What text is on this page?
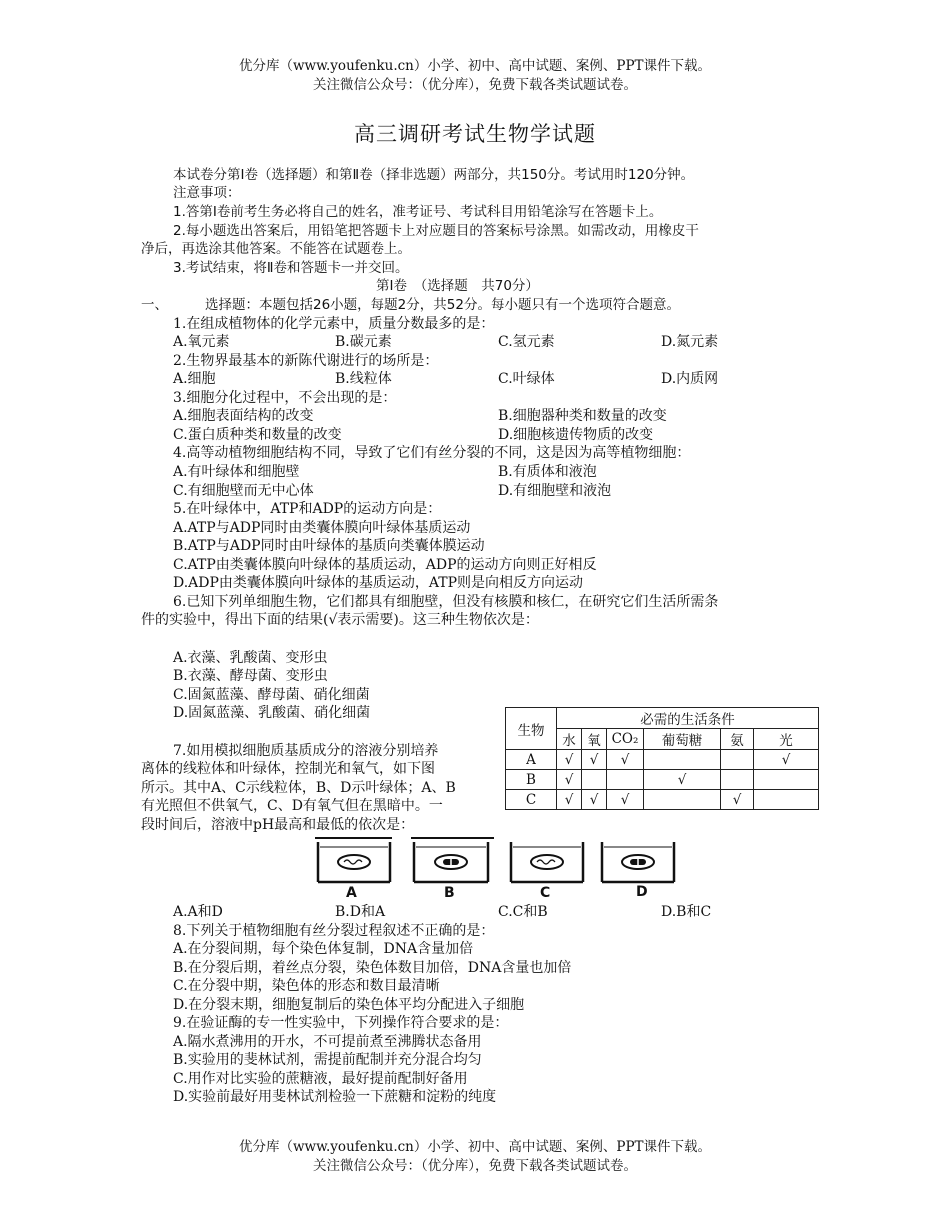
优分库（www.youfenku.cn）小学、初中、高中试题、案例、PPT课件下载。
关注微信公众号：（优分库），免费下载各类试题试卷。
高三调研考试生物学试题
本试卷分第Ⅰ卷（选择题）和第Ⅱ卷（择非选题）两部分，共150分。考试用时120分钟。
注意事项：
1.答第Ⅰ卷前考生务必将自己的姓名，准考证号、考试科目用铅笔涂写在答题卡上。
2.每小题选出答案后，用铅笔把答题卡上对应题目的答案标号涂黑。如需改动，用橡皮干
净后，再选涂其他答案。不能答在试题卷上。
3.考试结束，将Ⅱ卷和答题卡一并交回。
第Ⅰ卷　（选择题　共70分）
一、	选择题：本题包括26小题，每题2分，共52分。每小题只有一个选项符合题意。
1.在组成植物体的化学元素中，质量分数最多的是：
A.氧元素	B.碳元素	C.氢元素	D.氮元素
2.生物界最基本的新陈代谢进行的场所是：
A.细胞	B.线粒体	C.叶绿体	D.内质网
3.细胞分化过程中，不会出现的是：
A.细胞表面结构的改变	B.细胞器种类和数量的改变
C.蛋白质种类和数量的改变	D.细胞核遗传物质的改变
4.高等动植物细胞结构不同，导致了它们有丝分裂的不同，这是因为高等植物细胞：
A.有叶绿体和细胞壁	B.有质体和液泡
C.有细胞壁而无中心体	D.有细胞壁和液泡
5.在叶绿体中，ATP和ADP的运动方向是：
A.ATP与ADP同时由类囊体膜向叶绿体基质运动
B.ATP与ADP同时由叶绿体的基质向类囊体膜运动
C.ATP由类囊体膜向叶绿体的基质运动，ADP的运动方向则正好相反
D.ADP由类囊体膜向叶绿体的基质运动，ATP则是向相反方向运动
6.已知下列单细胞生物，它们都具有细胞壁，但没有核膜和核仁，在研究它们生活所需条
件的实验中，得出下面的结果(√表示需要)。这三种生物依次是：
A.衣藻、乳酸菌、变形虫
B.衣藻、酵母菌、变形虫
C.固氮蓝藻、酵母菌、硝化细菌
D.固氮蓝藻、乳酸菌、硝化细菌
生物	必需的生活条件					
	水	氧	CO₂	葡萄糖	氨	光
A	√	√	√			√
B	√			√		
C	√	√	√		√	
7.如用模拟细胞质基质成分的溶液分别培养
离体的线粒体和叶绿体，控制光和氧气，如下图
所示。其中A、C示线粒体，B、D示叶绿体；A、B
有光照但不供氧气，C、D有氧气但在黑暗中。一
段时间后，溶液中pH最高和最低的依次是：
A	B	C	D
A.A和D	B.D和A	C.C和B	D.B和C
8.下列关于植物细胞有丝分裂过程叙述不正确的是：
A.在分裂间期，每个染色体复制，DNA含量加倍
B.在分裂后期，着丝点分裂，染色体数目加倍，DNA含量也加倍
C.在分裂中期，染色体的形态和数目最清晰
D.在分裂末期，细胞复制后的染色体平均分配进入子细胞
9.在验证酶的专一性实验中，下列操作符合要求的是：
A.隔水煮沸用的开水，不可提前煮至沸腾状态备用
B.实验用的斐林试剂，需提前配制并充分混合均匀
C.用作对比实验的蔗糖液，最好提前配制好备用
D.实验前最好用斐林试剂检验一下蔗糖和淀粉的纯度
优分库（www.youfenku.cn）小学、初中、高中试题、案例、PPT课件下载。
关注微信公众号：（优分库），免费下载各类试题试卷。
